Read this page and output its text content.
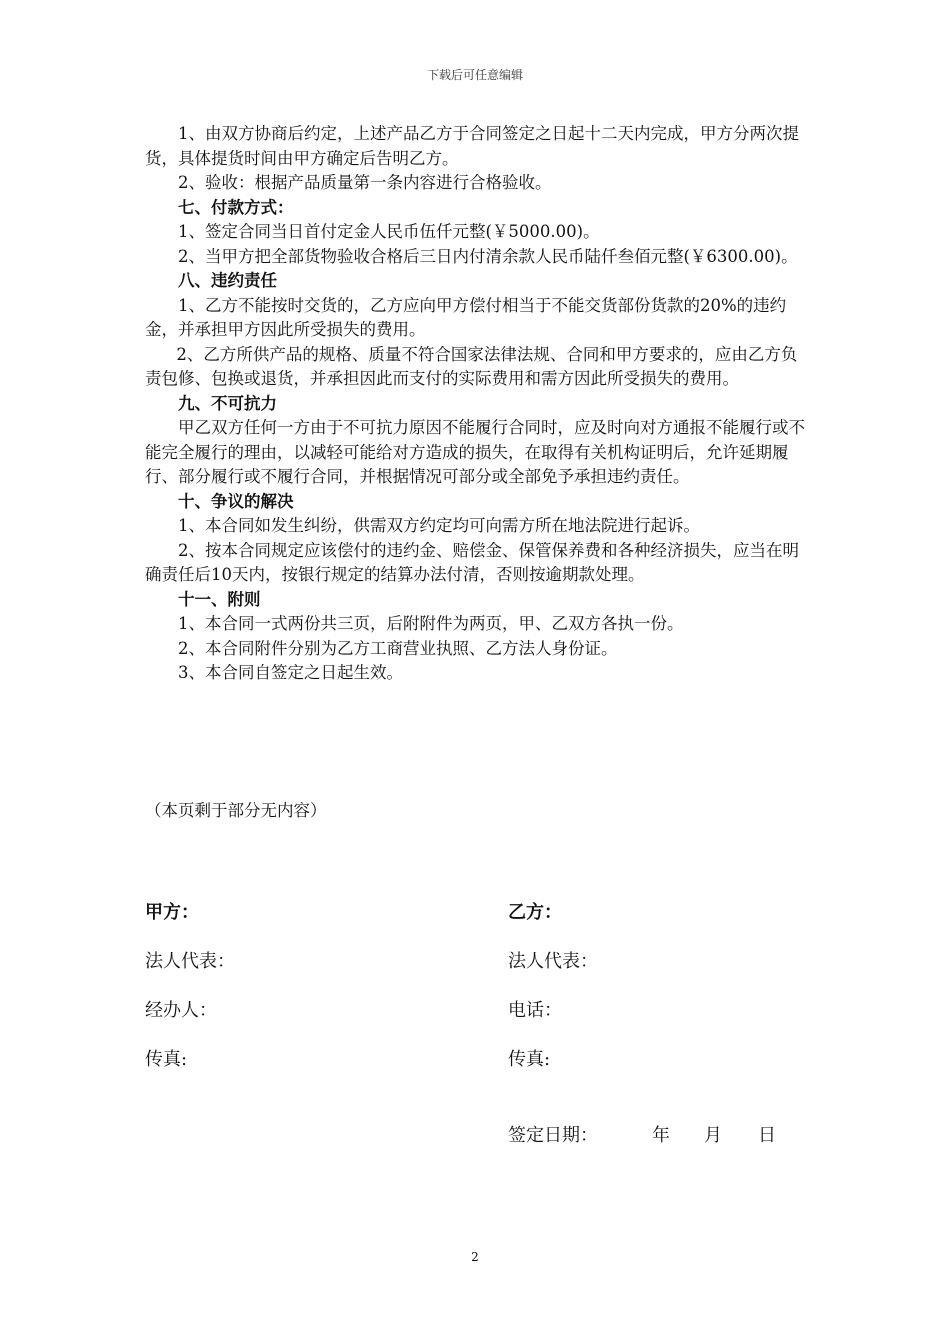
下载后可任意编辑

1、由双方协商后约定，上述产品乙方于合同签定之日起十二天内完成，甲方分两次提货，具体提货时间由甲方确定后告明乙方。

2、验收：根据产品质量第一条内容进行合格验收。

七、付款方式：

1、签定合同当日首付定金人民币伍仟元整(￥5000.00)。

2、当甲方把全部货物验收合格后三日内付清余款人民币陆仟叁佰元整(￥6300.00)。

八、违约责任

1、乙方不能按时交货的，乙方应向甲方偿付相当于不能交货部份货款的20%的违约金，并承担甲方因此所受损失的费用。

2、乙方所供产品的规格、质量不符合国家法律法规、合同和甲方要求的，应由乙方负责包修、包换或退货，并承担因此而支付的实际费用和需方因此所受损失的费用。

九、不可抗力

甲乙双方任何一方由于不可抗力原因不能履行合同时，应及时向对方通报不能履行或不能完全履行的理由，以减轻可能给对方造成的损失，在取得有关机构证明后，允许延期履行、部分履行或不履行合同，并根据情况可部分或全部免予承担违约责任。

十、争议的解决

1、本合同如发生纠纷，供需双方约定均可向需方所在地法院进行起诉。

2、按本合同规定应该偿付的违约金、赔偿金、保管保养费和各种经济损失，应当在明确责任后10天内，按银行规定的结算办法付清，否则按逾期款处理。

十一、附则

1、本合同一式两份共三页，后附附件为两页，甲、乙双方各执一份。

2、本合同附件分别为乙方工商营业执照、乙方法人身份证。

3、本合同自签定之日起生效。

（本页剩于部分无内容）
甲方：	乙方：
法人代表：	法人代表：
经办人：	电话：
传真:	传真:
签定日期：	年 月 日
2
